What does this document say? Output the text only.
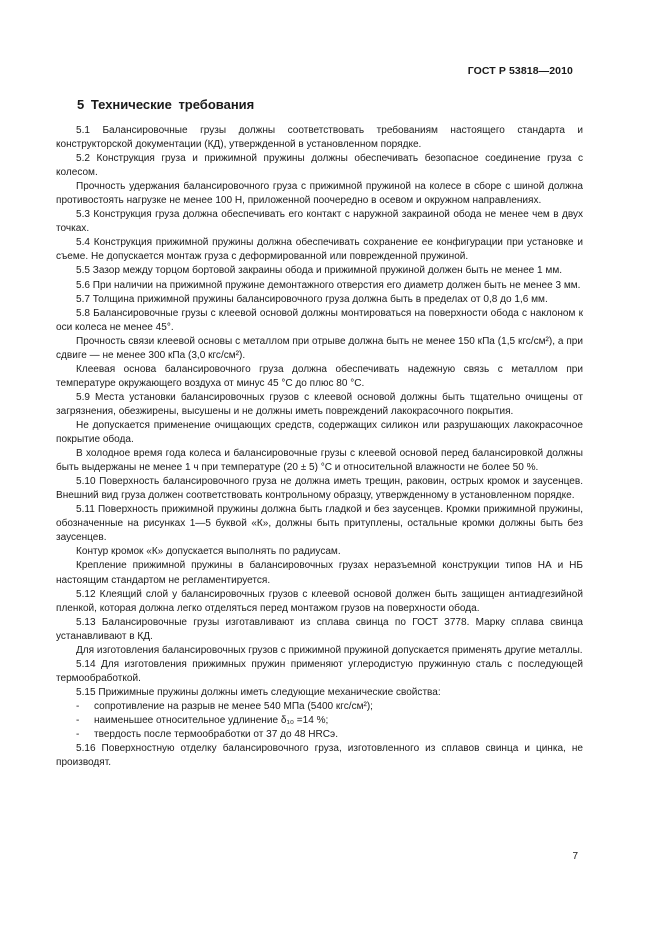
ГОСТ Р 53818—2010
5 Технические требования

5.1 Балансировочные грузы должны соответствовать требованиям настоящего стандарта и конструкторской документации (КД), утвержденной в установленном порядке.

5.2 Конструкция груза и прижимной пружины должны обеспечивать безопасное соединение груза с колесом.

Прочность удержания балансировочного груза с прижимной пружиной на колесе в сборе с шиной должна противостоять нагрузке не менее 100 Н, приложенной поочередно в осевом и окружном направлениях.

5.3 Конструкция груза должна обеспечивать его контакт с наружной закраиной обода не менее чем в двух точках.

5.4 Конструкция прижимной пружины должна обеспечивать сохранение ее конфигурации при установке и съеме. Не допускается монтаж груза с деформированной или поврежденной пружиной.

5.5 Зазор между торцом бортовой закраины обода и прижимной пружиной должен быть не менее 1 мм.

5.6 При наличии на прижимной пружине демонтажного отверстия его диаметр должен быть не менее 3 мм.

5.7 Толщина прижимной пружины балансировочного груза должна быть в пределах от 0,8 до 1,6 мм.

5.8 Балансировочные грузы с клеевой основой должны монтироваться на поверхности обода с наклоном к оси колеса не менее 45°.

Прочность связи клеевой основы с металлом при отрыве должна быть не менее 150 кПа (1,5 кгс/см²), а при сдвиге — не менее 300 кПа (3,0 кгс/см²).

Клеевая основа балансировочного груза должна обеспечивать надежную связь с металлом при температуре окружающего воздуха от минус 45 °С до плюс 80 °С.

5.9 Места установки балансировочных грузов с клеевой основой должны быть тщательно очищены от загрязнения, обезжирены, высушены и не должны иметь повреждений лакокрасочного покрытия.

Не допускается применение очищающих средств, содержащих силикон или разрушающих лакокрасочное покрытие обода.

В холодное время года колеса и балансировочные грузы с клеевой основой перед балансировкой должны быть выдержаны не менее 1 ч при температуре (20 ± 5) °С и относительной влажности не более 50 %.

5.10 Поверхность балансировочного груза не должна иметь трещин, раковин, острых кромок и заусенцев. Внешний вид груза должен соответствовать контрольному образцу, утвержденному в установленном порядке.

5.11 Поверхность прижимной пружины должна быть гладкой и без заусенцев. Кромки прижимной пружины, обозначенные на рисунках 1—5 буквой «К», должны быть притуплены, остальные кромки должны быть без заусенцев.

Контур кромок «К» допускается выполнять по радиусам.

Крепление прижимной пружины в балансировочных грузах неразъемной конструкции типов НА и НБ настоящим стандартом не регламентируется.

5.12 Клеящий слой у балансировочных грузов с клеевой основой должен быть защищен антиадгезийной пленкой, которая должна легко отделяться перед монтажом грузов на поверхности обода.

5.13 Балансировочные грузы изготавливают из сплава свинца по ГОСТ 3778. Марку сплава свинца устанавливают в КД.

Для изготовления балансировочных грузов с прижимной пружиной допускается применять другие металлы.

5.14 Для изготовления прижимных пружин применяют углеродистую пружинную сталь с последующей термообработкой.

5.15 Прижимные пружины должны иметь следующие механические свойства:

- сопротивление на разрыв не менее 540 МПа (5400 кгс/см²);

- наименьшее относительное удлинение δ₁₀ =14 %;

- твердость после термообработки от 37 до 48 HRCэ.

5.16 Поверхностную отделку балансировочного груза, изготовленного из сплавов свинца и цинка, не производят.

7
